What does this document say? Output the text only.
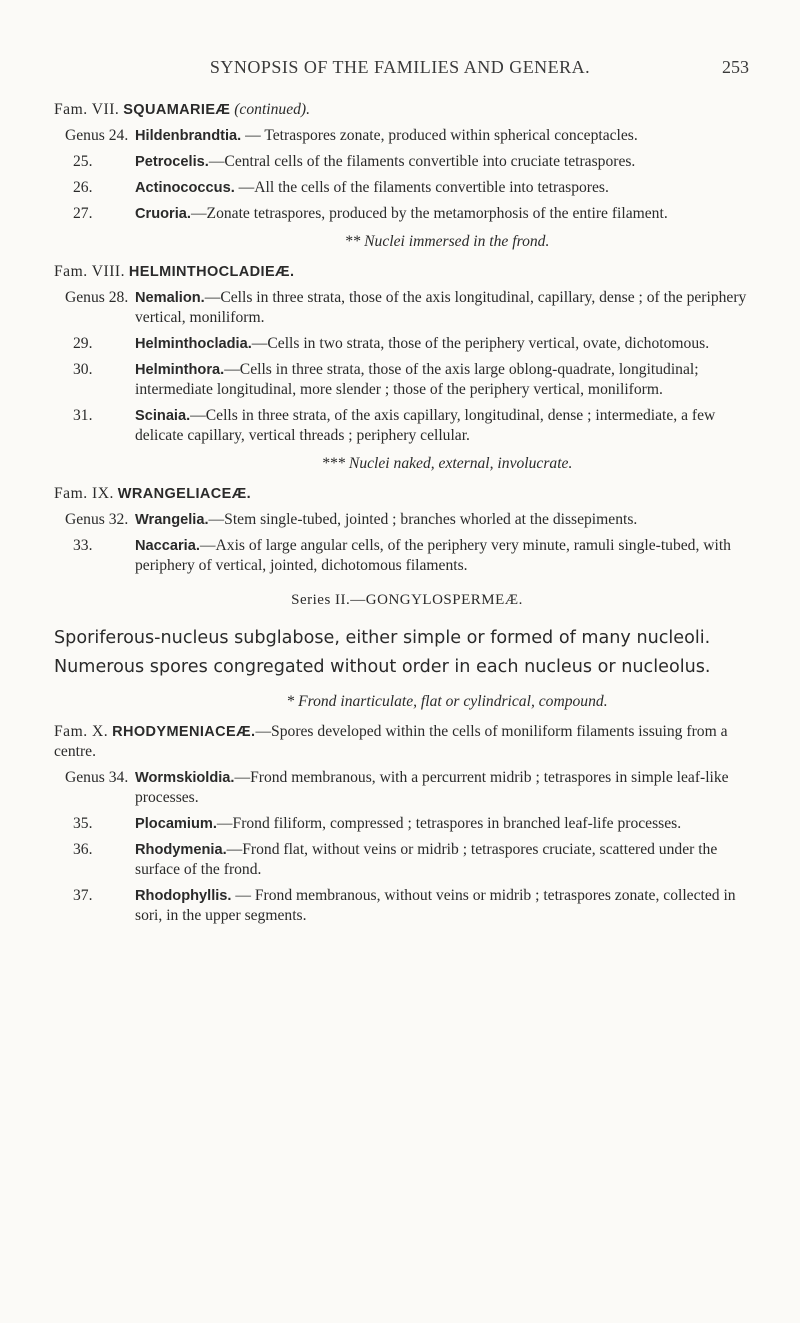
SYNOPSIS OF THE FAMILIES AND GENERA.	253

Fam. VII. SQUAMARIEÆ (continued).

Genus 24. Hildenbrandtia. — Tetraspores zonate, produced within spherical conceptacles.
25.	Petrocelis.—Central cells of the filaments convertible into cruciate tetraspores.
26.	Actinococcus. —All the cells of the filaments convertible into tetraspores.
27.	Cruoria.—Zonate tetraspores, produced by the metamorphosis of the entire filament.

** Nuclei immersed in the frond.

Fam. VIII. HELMINTHOCLADIEÆ.

Genus 28. Nemalion.—Cells in three strata, those of the axis longitudinal, capillary, dense ; of the periphery vertical, moniliform.
29.	Helminthocladia.—Cells in two strata, those of the periphery vertical, ovate, dichotomous.
30.	Helminthora.—Cells in three strata, those of the axis large oblong-quadrate, longitudinal; intermediate longitudinal, more slender ; those of the periphery vertical, moniliform.
31.	Scinaia.—Cells in three strata, of the axis capillary, longitudinal, dense ; intermediate, a few delicate capillary, vertical threads ; periphery cellular.

*** Nuclei naked, external, involucrate.

Fam. IX. WRANGELIACEÆ.

Genus 32. Wrangelia.—Stem single-tubed, jointed ; branches whorled at the dissepiments.
33.	Naccaria.—Axis of large angular cells, of the periphery very minute, ramuli single-tubed, with periphery of vertical, jointed, dichotomous filaments.

Series II.—GONGYLOSPERMEÆ.

Sporiferous-nucleus subglabose, either simple or formed of many nucleoli. Numerous spores congregated without order in each nucleus or nucleolus.

* Frond inarticulate, flat or cylindrical, compound.

Fam. X. RHODYMENIACEÆ.—Spores developed within the cells of moniliform filaments issuing from a centre.

Genus 34. Wormskioldia.—Frond membranous, with a percurrent midrib ; tetraspores in simple leaf-like processes.
35.	Plocamium.—Frond filiform, compressed ; tetraspores in branched leaf-life processes.
36.	Rhodymenia.—Frond flat, without veins or midrib ; tetraspores cruciate, scattered under the surface of the frond.
37.	Rhodophyllis. — Frond membranous, without veins or midrib ; tetraspores zonate, collected in sori, in the upper segments.
